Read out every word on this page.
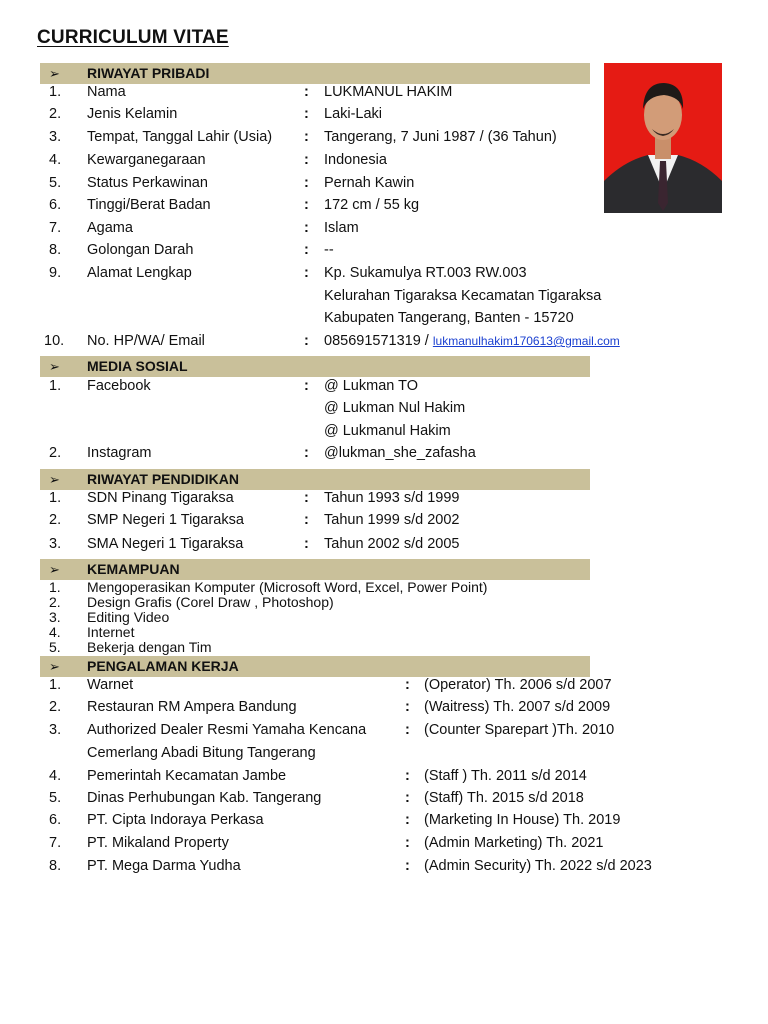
CURRICULUM VITAE
➢ RIWAYAT PRIBADI
1. Nama	: LUKMANUL HAKIM
2. Jenis Kelamin	: Laki-Laki
3. Tempat, Tanggal Lahir (Usia) : Tangerang, 7 Juni 1987 / (36 Tahun)
4. Kewarganegaraan	: Indonesia
5. Status Perkawinan	: Pernah Kawin
6. Tinggi/Berat Badan	: 172 cm / 55 kg
7. Agama	: Islam
8. Golongan Darah	: --
9. Alamat Lengkap	: Kp. Sukamulya RT.003 RW.003
Kelurahan Tigaraksa Kecamatan Tigaraksa
Kabupaten Tangerang, Banten - 15720
10. No. HP/WA/ Email	: 085691571319 / lukmanulhakim170613@gmail.com
➢ MEDIA SOSIAL
1. Facebook	: @ Lukman TO
@ Lukman Nul Hakim
@ Lukmanul Hakim
2. Instagram	: @lukman_she_zafasha
➢ RIWAYAT PENDIDIKAN
1. SDN Pinang Tigaraksa	: Tahun 1993 s/d 1999
2. SMP Negeri 1 Tigaraksa	: Tahun 1999 s/d 2002
3. SMA Negeri 1 Tigaraksa	: Tahun 2002 s/d 2005
➢ KEMAMPUAN
1. Mengoperasikan Komputer (Microsoft Word, Excel, Power Point)
2. Design Grafis (Corel Draw , Photoshop)
3. Editing Video
4. Internet
5. Bekerja dengan Tim
➢ PENGALAMAN KERJA
1. Warnet	: (Operator) Th. 2006 s/d 2007
2. Restauran RM Ampera Bandung	: (Waitress) Th. 2007 s/d 2009
3. Authorized Dealer Resmi Yamaha Kencana	: (Counter Sparepart )Th. 2010
Cemerlang Abadi Bitung Tangerang
4. Pemerintah Kecamatan Jambe	: (Staff ) Th. 2011 s/d 2014
5. Dinas Perhubungan Kab. Tangerang	: (Staff) Th. 2015 s/d 2018
6. PT. Cipta Indoraya Perkasa	: (Marketing In House) Th. 2019
7. PT. Mikaland Property	: (Admin Marketing) Th. 2021
8. PT. Mega Darma Yudha	: (Admin Security) Th. 2022 s/d 2023
